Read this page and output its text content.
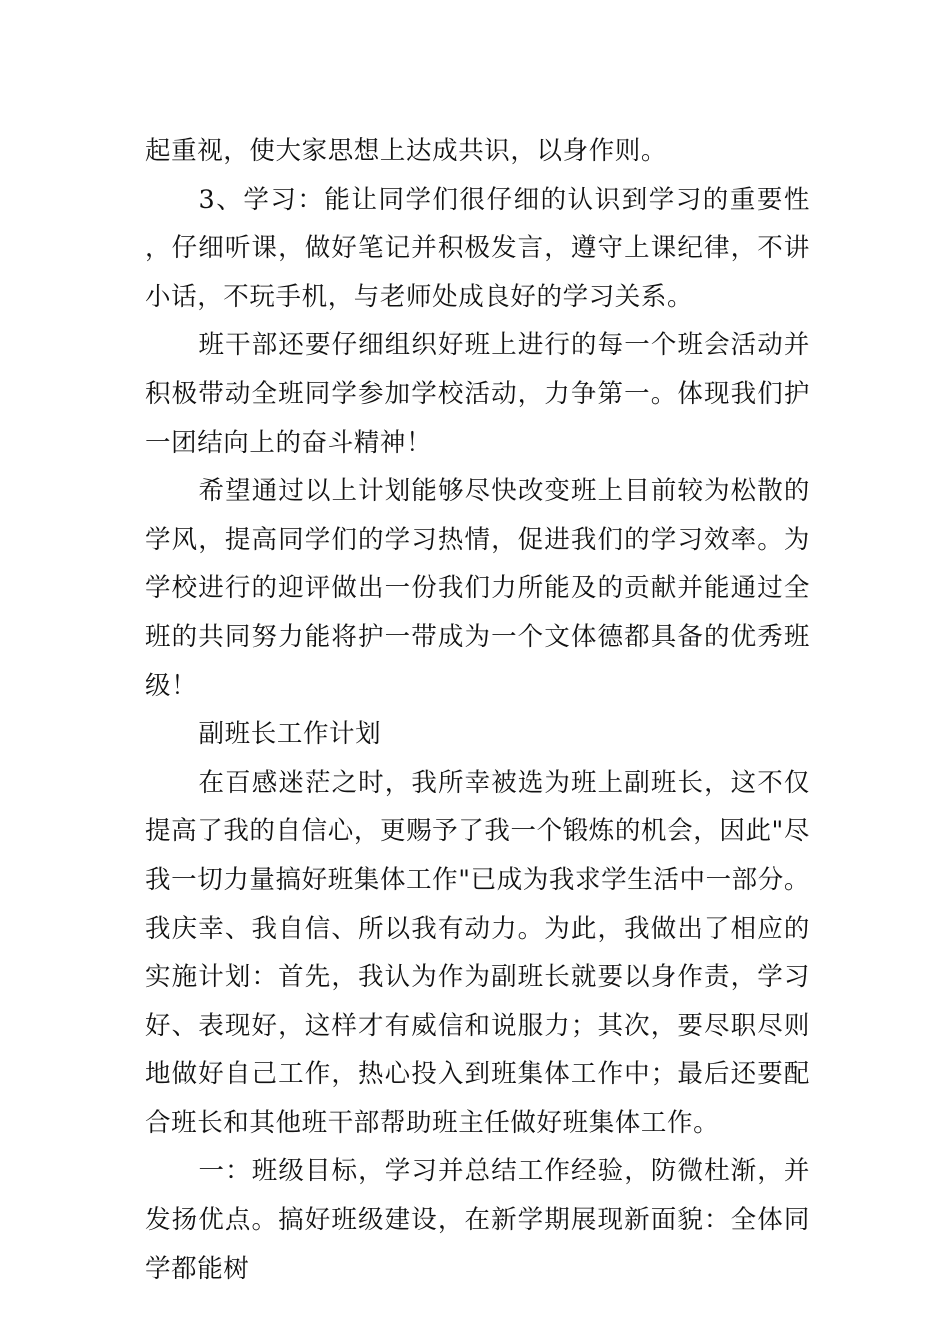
起重视，使大家思想上达成共识，以身作则。

3、学习：能让同学们很仔细的认识到学习的重要性，仔细听课，做好笔记并积极发言，遵守上课纪律，不讲小话，不玩手机，与老师处成良好的学习关系。

班干部还要仔细组织好班上进行的每一个班会活动并积极带动全班同学参加学校活动，力争第一。体现我们护一团结向上的奋斗精神！

希望通过以上计划能够尽快改变班上目前较为松散的学风，提高同学们的学习热情，促进我们的学习效率。为学校进行的迎评做出一份我们力所能及的贡献并能通过全班的共同努力能将护一带成为一个文体德都具备的优秀班级！

副班长工作计划

在百感迷茫之时，我所幸被选为班上副班长，这不仅提高了我的自信心，更赐予了我一个锻炼的机会，因此"尽我一切力量搞好班集体工作"已成为我求学生活中一部分。我庆幸、我自信、所以我有动力。为此，我做出了相应的实施计划：首先，我认为作为副班长就要以身作责，学习好、表现好，这样才有威信和说服力；其次，要尽职尽则地做好自己工作，热心投入到班集体工作中；最后还要配合班长和其他班干部帮助班主任做好班集体工作。

一：班级目标，学习并总结工作经验，防微杜渐，并发扬优点。搞好班级建设，在新学期展现新面貌：全体同学都能树
